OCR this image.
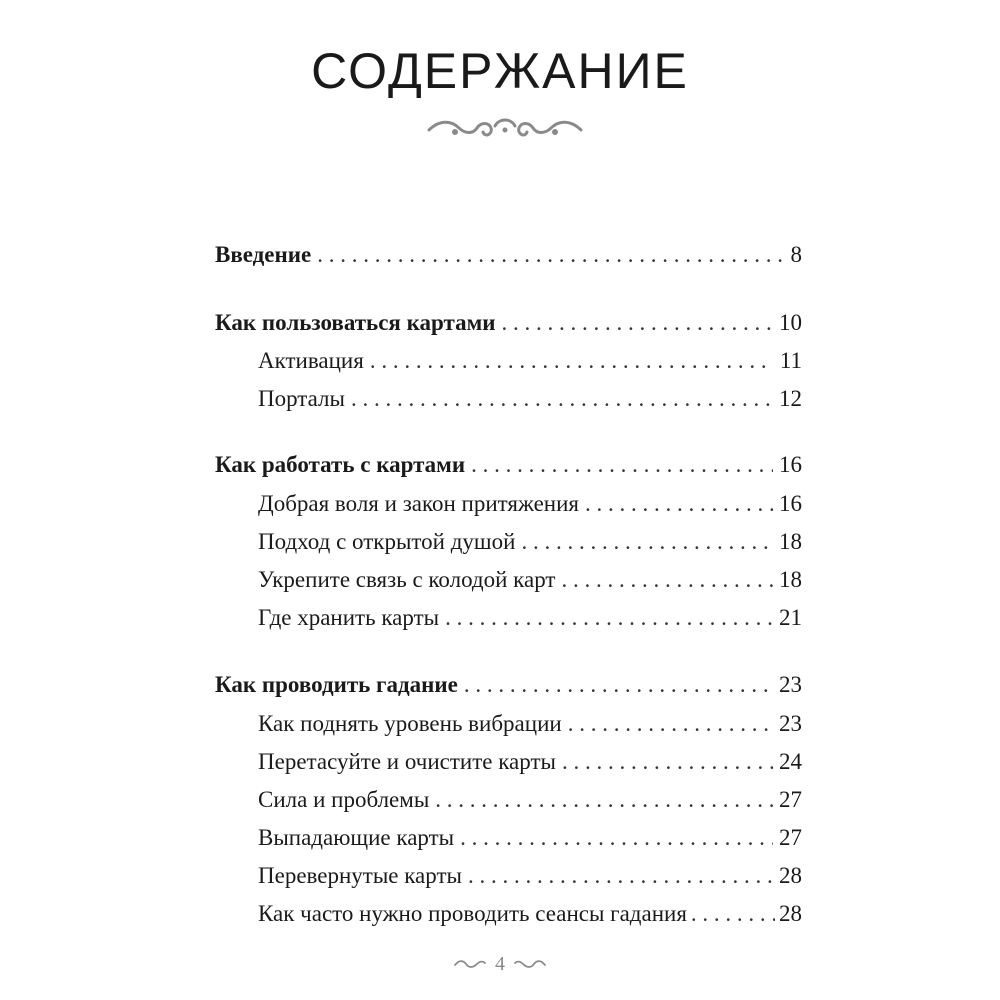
СОДЕРЖАНИЕ
Введение . . .	8
Как пользоваться картами . . .	10
Активация . . .	11
Порталы . . .	12
Как работать с картами . . .	16
Добрая воля и закон притяжения . . .	16
Подход с открытой душой . . .	18
Укрепите связь с колодой карт . . .	18
Где хранить карты . . .	21
Как проводить гадание . . .	23
Как поднять уровень вибрации . . .	23
Перетасуйте и очистите карты . . .	24
Сила и проблемы . . .	27
Выпадающие карты . . .	27
Перевернутые карты . . .	28
Как часто нужно проводить сеансы гадания . . .	28
4
